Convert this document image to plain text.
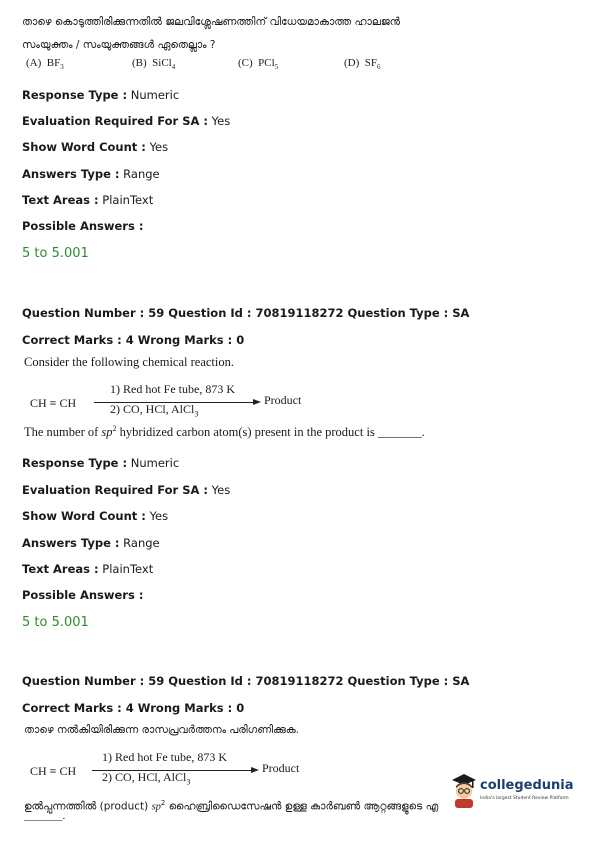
താഴെ കൊടുത്തിരിക്കുന്നതിൽ ജലവിശ്ലേഷണത്തിന് വിധേയമാകാത്ത ഹാലജൻ
സംയുക്തം / സംയുക്തങ്ങൾ ഏതെല്ലാം ?
(A) $BF_3$	(B) SiCl$_4$	(C) PCl$_5$	(D) $SF_6$
Response Type : Numeric
Evaluation Required For SA : Yes
Show Word Count : Yes
Answers Type : Range
Text Areas : PlainText
Possible Answers :
5 to 5.001
Question Number : 59 Question Id : 70819118272 Question Type : SA
Correct Marks : 4 Wrong Marks : 0
Consider the following chemical reaction.
CH ≡ CH
1) Red hot Fe tube, 873 K
2) CO, HCl, AlCl$_3$
Product
The number of $sp^2$ hybridized carbon atom(s) present in the product is _______.
Response Type : Numeric
Evaluation Required For SA : Yes
Show Word Count : Yes
Answers Type : Range
Text Areas : PlainText
Possible Answers :
5 to 5.001
Question Number : 59 Question Id : 70819118272 Question Type : SA
Correct Marks : 4 Wrong Marks : 0
താഴെ നൽകിയിരിക്കുന്ന രാസപ്രവർത്തനം പരിഗണിക്കുക.
CH ≡ CH
1) Red hot Fe tube, 873 K
2) CO, HCl, AlCl$_3$
Product
ഉൽപ്പന്നത്തിൽ (product) $sp^2$ ഹൈബ്രിഡൈസേഷൻ ഉള്ള കാർബൺ ആറ്റങ്ങളുടെ എ
_______.
collegedunia
India's largest Student Review Platform
